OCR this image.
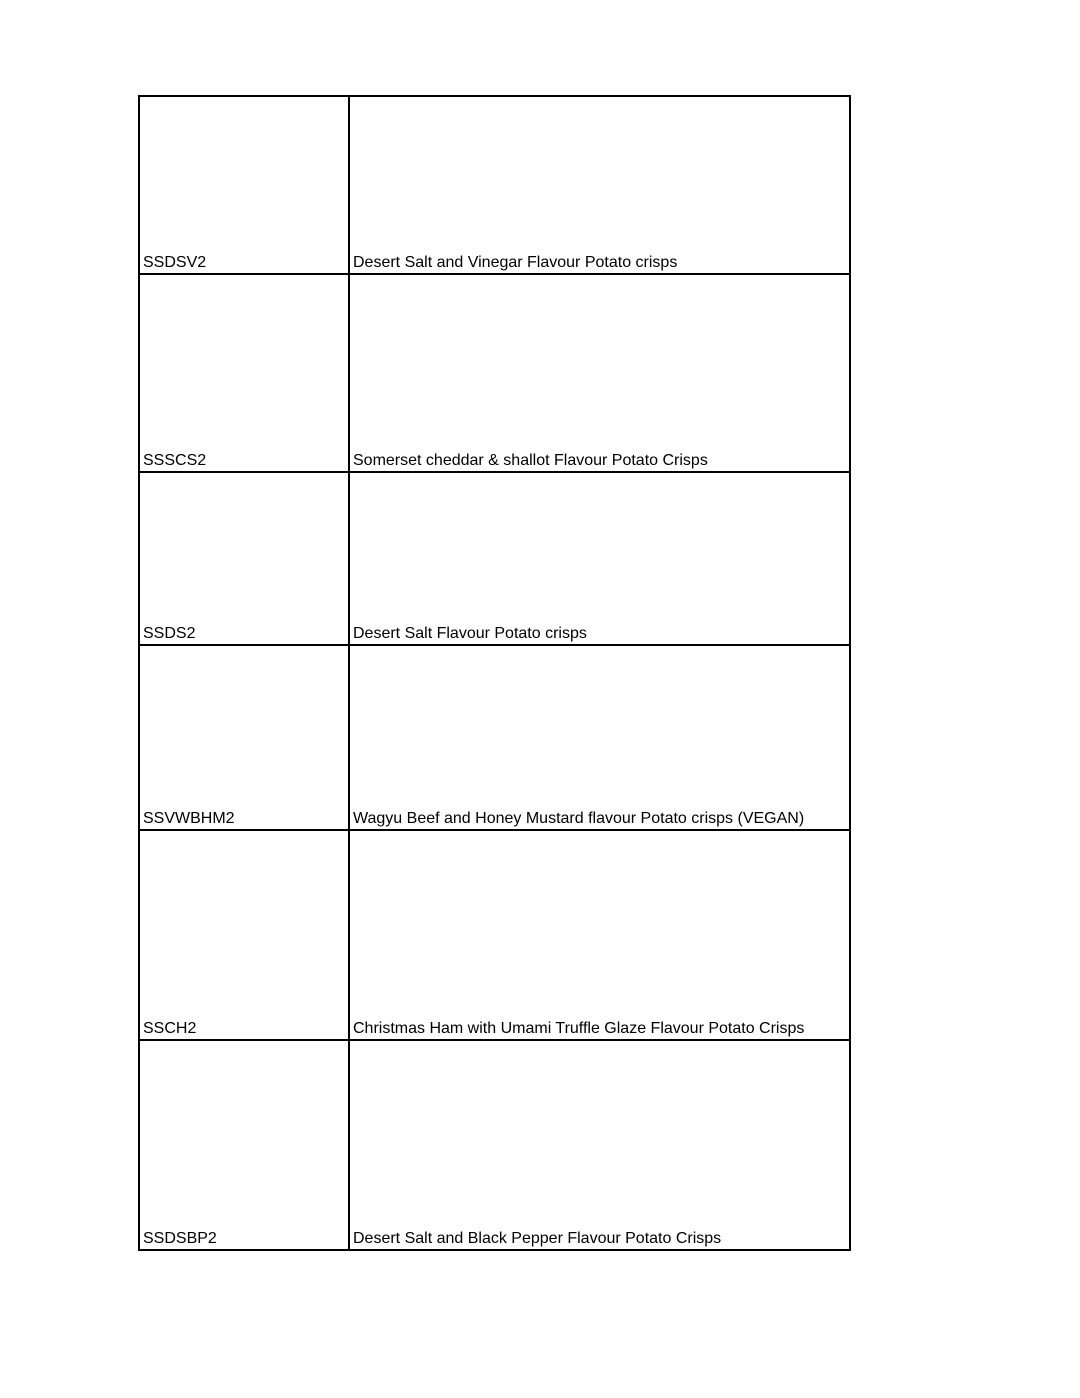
SSDSV2	Desert Salt and Vinegar Flavour Potato crisps
SSSCS2	Somerset cheddar & shallot Flavour Potato Crisps
SSDS2	Desert Salt Flavour Potato crisps
SSVWBHM2	Wagyu Beef and Honey Mustard flavour Potato crisps (VEGAN)
SSCH2	Christmas Ham with Umami Truffle Glaze Flavour Potato Crisps
SSDSBP2	Desert Salt and Black Pepper Flavour Potato Crisps
